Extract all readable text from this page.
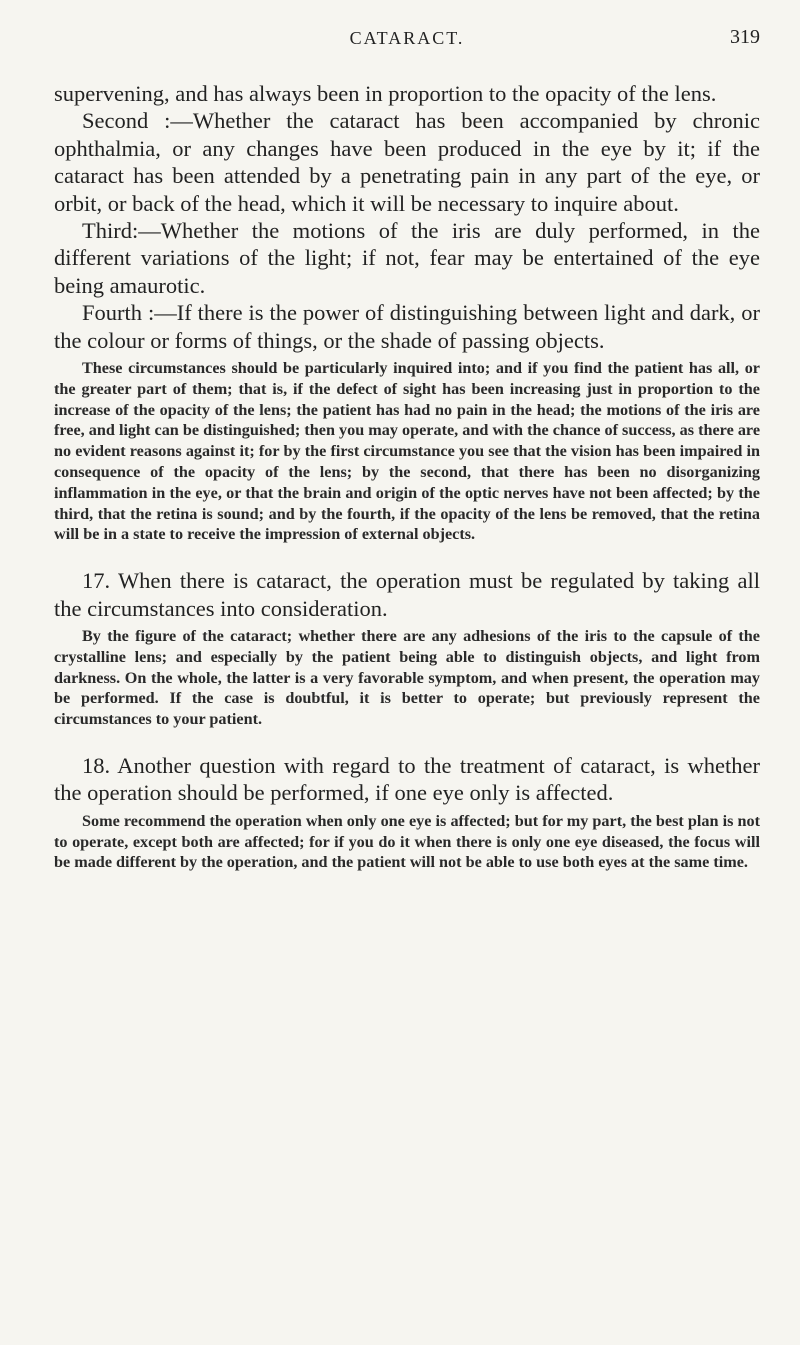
CATARACT.	319

supervening, and has always been in proportion to the opacity of the lens.

Second :—Whether the cataract has been accompanied by chronic ophthalmia, or any changes have been produced in the eye by it; if the cataract has been attended by a penetrating pain in any part of the eye, or orbit, or back of the head, which it will be necessary to inquire about.

Third:—Whether the motions of the iris are duly performed, in the different variations of the light; if not, fear may be entertained of the eye being amaurotic.

Fourth :—If there is the power of distinguishing between light and dark, or the colour or forms of things, or the shade of passing objects.

These circumstances should be particularly inquired into; and if you find the patient has all, or the greater part of them; that is, if the defect of sight has been increasing just in proportion to the increase of the opacity of the lens; the patient has had no pain in the head; the motions of the iris are free, and light can be distinguished; then you may operate, and with the chance of success, as there are no evident reasons against it; for by the first circumstance you see that the vision has been impaired in consequence of the opacity of the lens; by the second, that there has been no disorganizing inflammation in the eye, or that the brain and origin of the optic nerves have not been affected; by the third, that the retina is sound; and by the fourth, if the opacity of the lens be removed, that the retina will be in a state to receive the impression of external objects.

17. When there is cataract, the operation must be regulated by taking all the circumstances into consideration.

By the figure of the cataract; whether there are any adhesions of the iris to the capsule of the crystalline lens; and especially by the patient being able to distinguish objects, and light from darkness. On the whole, the latter is a very favorable symptom, and when present, the operation may be performed. If the case is doubtful, it is better to operate; but previously represent the circumstances to your patient.

18. Another question with regard to the treatment of cataract, is whether the operation should be performed, if one eye only is affected.

Some recommend the operation when only one eye is affected; but for my part, the best plan is not to operate, except both are affected; for if you do it when there is only one eye diseased, the focus will be made different by the operation, and the patient will not be able to use both eyes at the same time.
